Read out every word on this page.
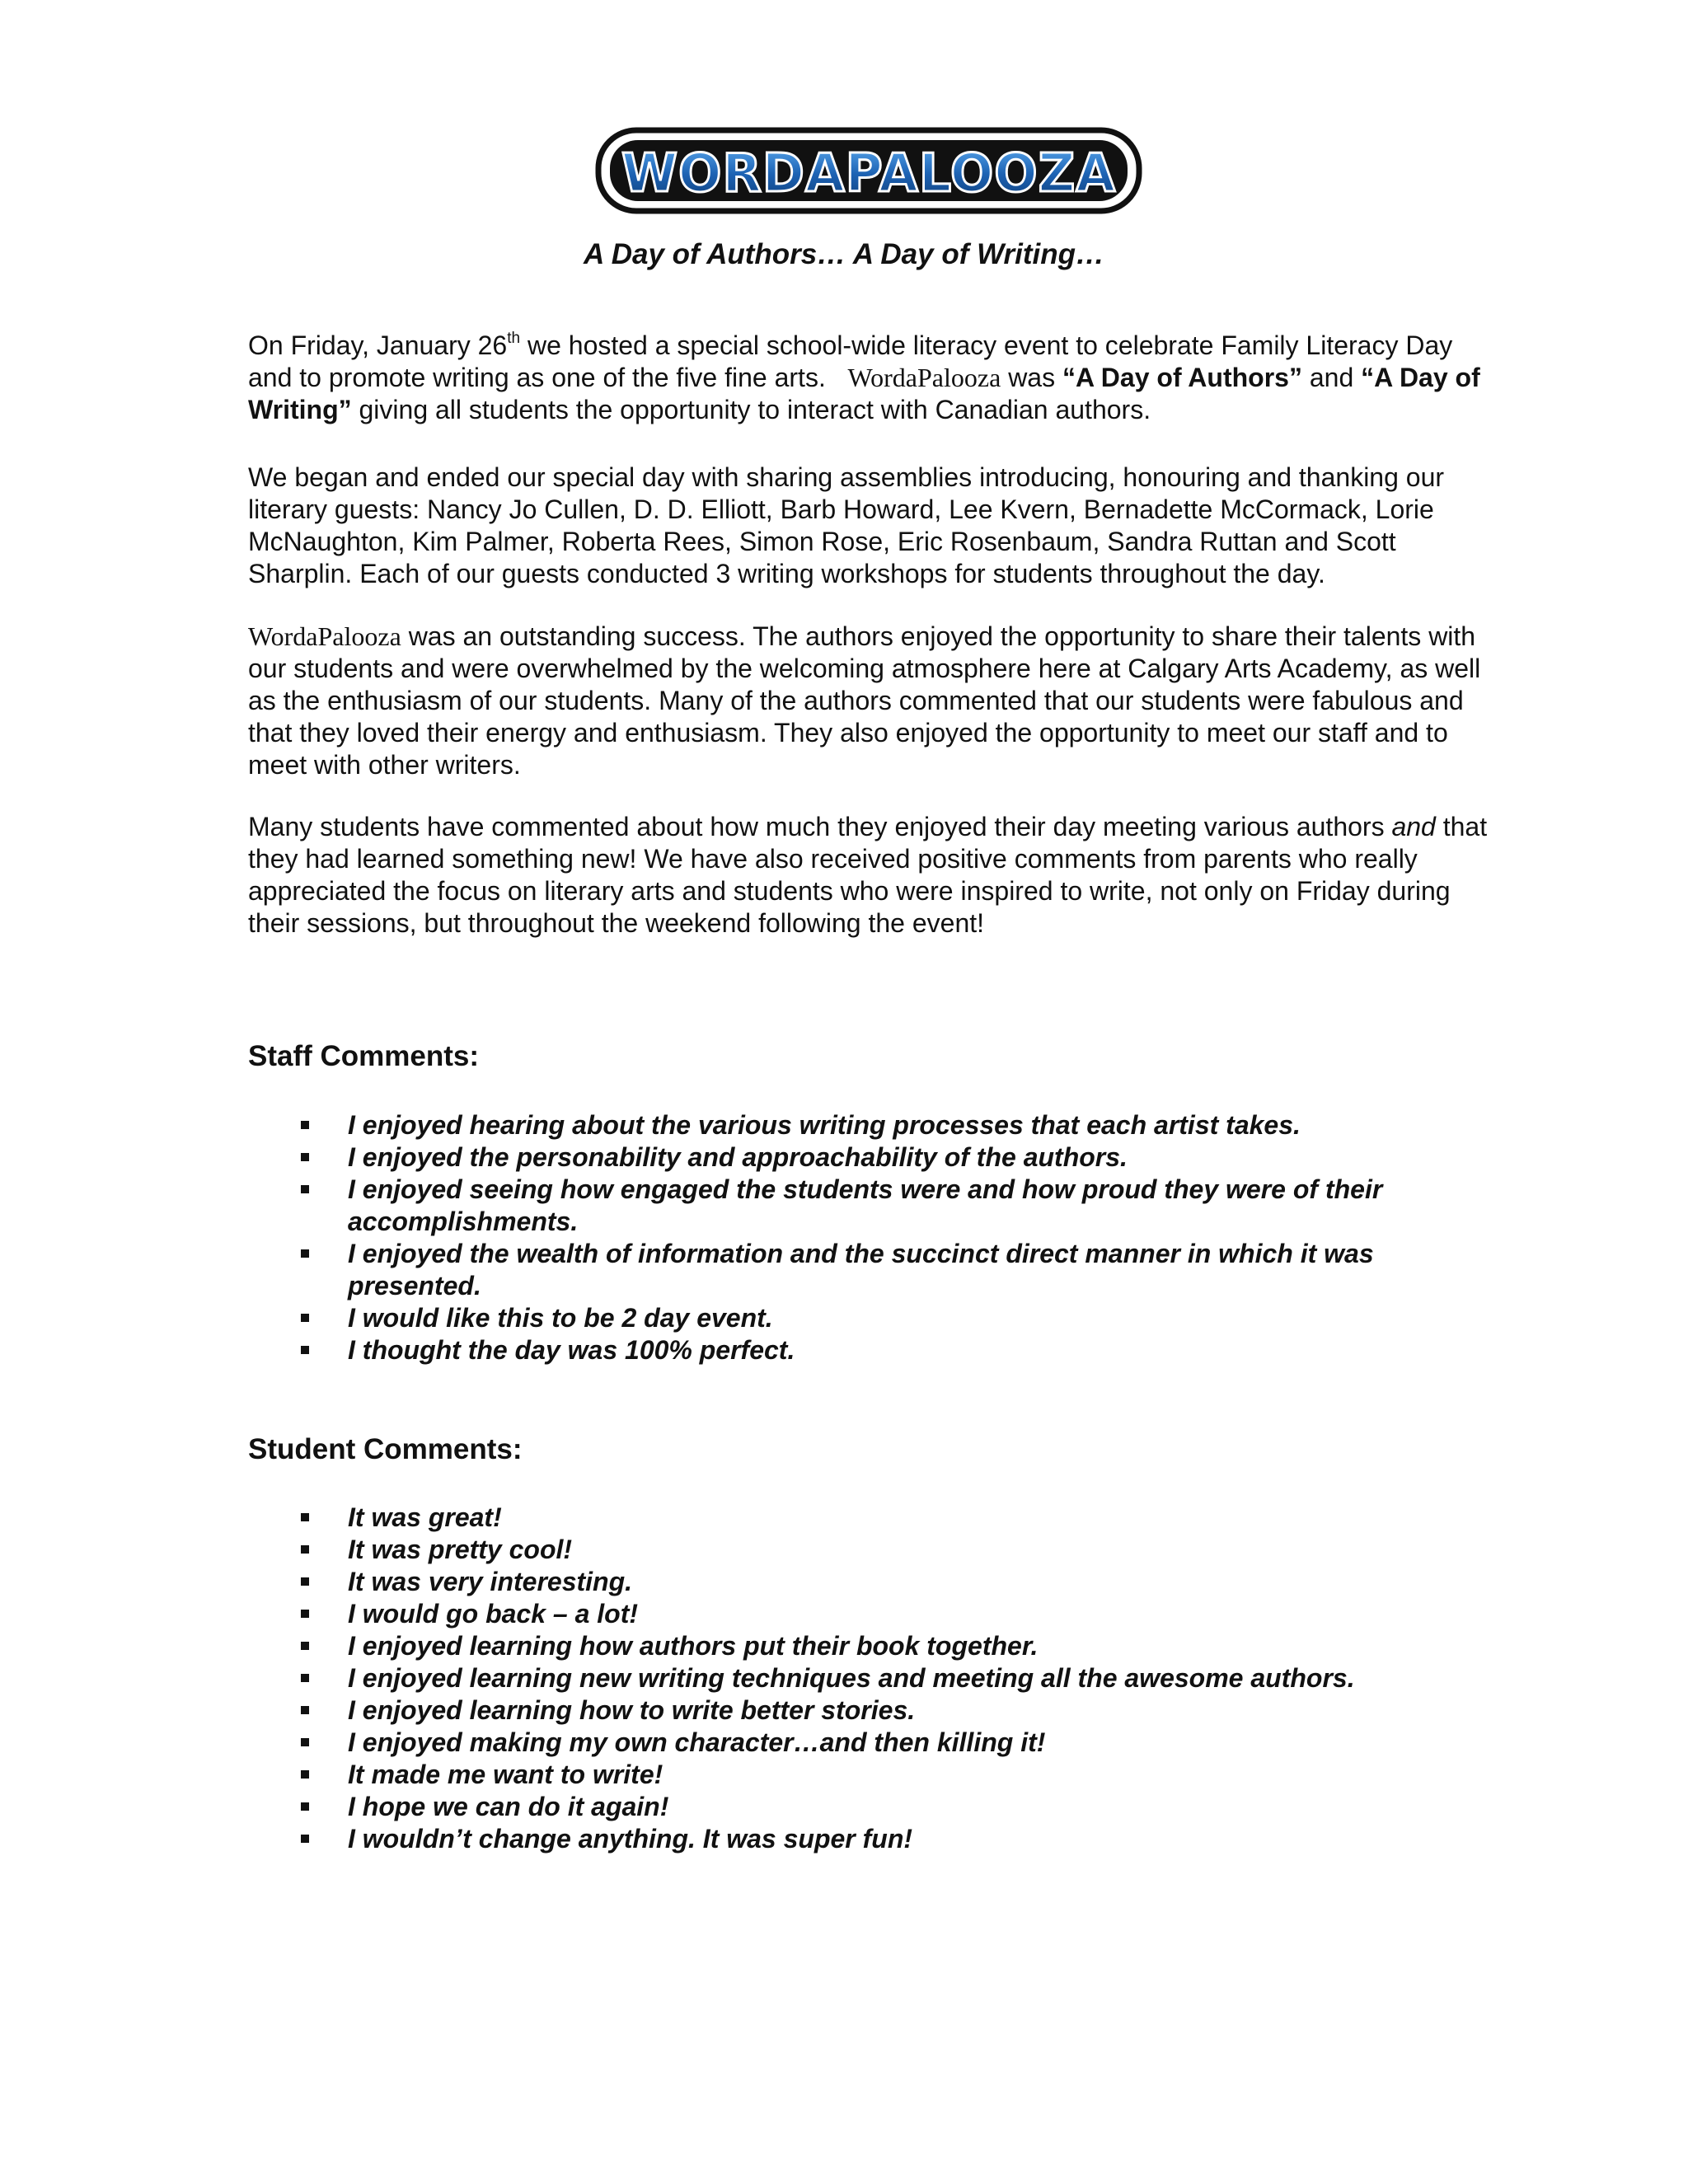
WORDAPALOOZA
A Day of Authors… A Day of Writing…

On Friday, January 26th we hosted a special school-wide literacy event to celebrate Family Literacy Day and to promote writing as one of the five fine arts. WordaPalooza was “A Day of Authors” and “A Day of Writing” giving all students the opportunity to interact with Canadian authors.

We began and ended our special day with sharing assemblies introducing, honouring and thanking our literary guests: Nancy Jo Cullen, D. D. Elliott, Barb Howard, Lee Kvern, Bernadette McCormack, Lorie McNaughton, Kim Palmer, Roberta Rees, Simon Rose, Eric Rosenbaum, Sandra Ruttan and Scott Sharplin. Each of our guests conducted 3 writing workshops for students throughout the day.

WordaPalooza was an outstanding success. The authors enjoyed the opportunity to share their talents with our students and were overwhelmed by the welcoming atmosphere here at Calgary Arts Academy, as well as the enthusiasm of our students. Many of the authors commented that our students were fabulous and that they loved their energy and enthusiasm. They also enjoyed the opportunity to meet our staff and to meet with other writers.

Many students have commented about how much they enjoyed their day meeting various authors and that they had learned something new! We have also received positive comments from parents who really appreciated the focus on literary arts and students who were inspired to write, not only on Friday during their sessions, but throughout the weekend following the event!

Staff Comments:
I enjoyed hearing about the various writing processes that each artist takes.
I enjoyed the personability and approachability of the authors.
I enjoyed seeing how engaged the students were and how proud they were of their accomplishments.
I enjoyed the wealth of information and the succinct direct manner in which it was presented.
I would like this to be 2 day event.
I thought the day was 100% perfect.
Student Comments:
It was great!
It was pretty cool!
It was very interesting.
I would go back – a lot!
I enjoyed learning how authors put their book together.
I enjoyed learning new writing techniques and meeting all the awesome authors.
I enjoyed learning how to write better stories.
I enjoyed making my own character…and then killing it!
It made me want to write!
I hope we can do it again!
I wouldn’t change anything. It was super fun!
